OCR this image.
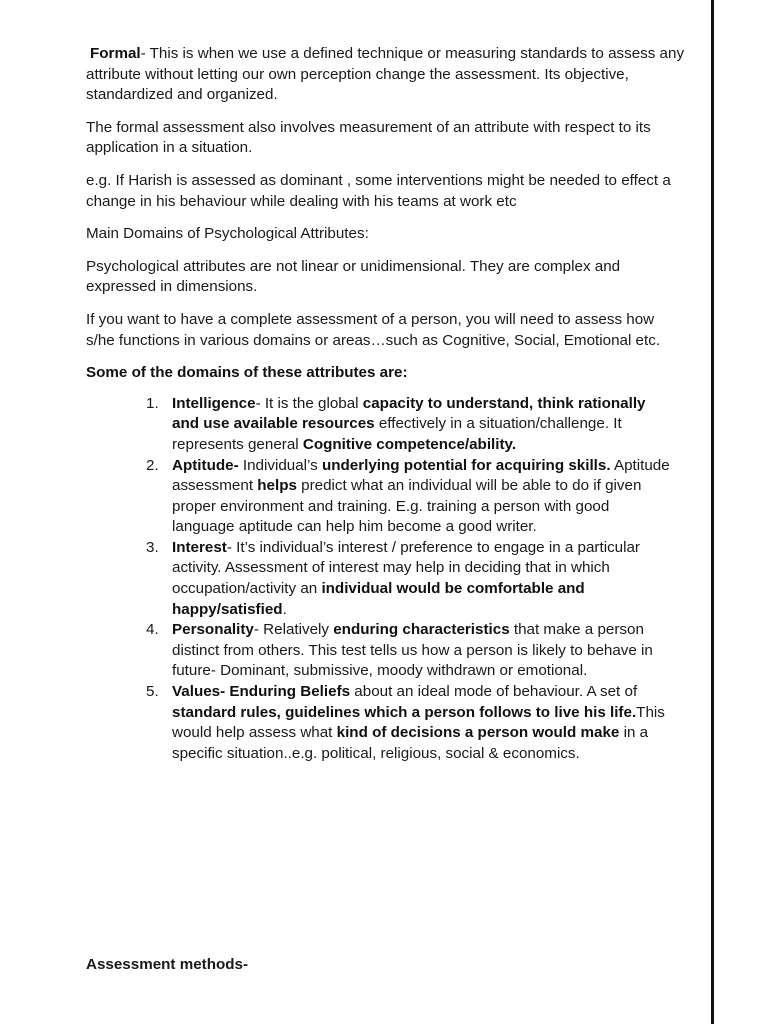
Formal- This is when we use a defined technique or measuring standards to assess any attribute without letting our own perception change the assessment. Its objective, standardized and organized.

The formal assessment also involves measurement of an attribute with respect to its application in a situation.

e.g. If Harish is assessed as dominant , some interventions might be needed to effect a change in his behaviour while dealing with his teams at work etc

Main Domains of Psychological Attributes:

Psychological attributes are not linear or unidimensional. They are complex and expressed in dimensions.

If you want to have a complete assessment of a person, you will need to assess how s/he functions in various domains or areas…such as Cognitive, Social, Emotional etc.

Some of the domains of these attributes are:

1. Intelligence- It is the global capacity to understand, think rationally and use available resources effectively in a situation/challenge. It represents general Cognitive competence/ability.
2. Aptitude- Individual’s underlying potential for acquiring skills. Aptitude assessment helps predict what an individual will be able to do if given proper environment and training. E.g. training a person with good language aptitude can help him become a good writer.
3. Interest- It’s individual’s interest / preference to engage in a particular activity. Assessment of interest may help in deciding that in which occupation/activity an individual would be comfortable and happy/satisfied.
4. Personality- Relatively enduring characteristics that make a person distinct from others. This test tells us how a person is likely to behave in future- Dominant, submissive, moody withdrawn or emotional.
5. Values- Enduring Beliefs about an ideal mode of behaviour. A set of standard rules, guidelines which a person follows to live his life.This would help assess what kind of decisions a person would make in a specific situation..e.g. political, religious, social & economics.
Assessment methods-
